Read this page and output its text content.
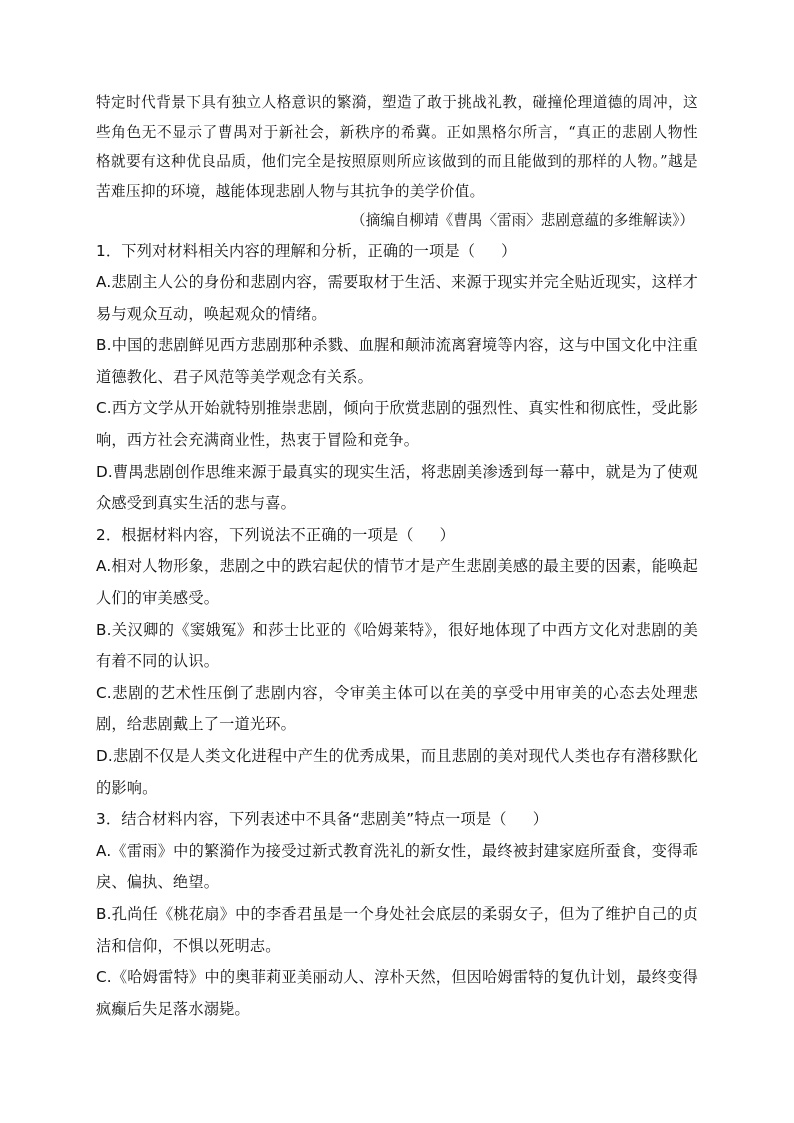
特定时代背景下具有独立人格意识的繁漪，塑造了敢于挑战礼教，碰撞伦理道德的周冲，这些角色无不显示了曹禺对于新社会，新秩序的希冀。正如黑格尔所言，“真正的悲剧人物性格就要有这种优良品质，他们完全是按照原则所应该做到的而且能做到的那样的人物。”越是苦难压抑的环境，越能体现悲剧人物与其抗争的美学价值。

（摘编自柳靖《曹禺〈雷雨〉悲剧意蕴的多维解读》）

1．下列对材料相关内容的理解和分析，正确的一项是（ ）

A.悲剧主人公的身份和悲剧内容，需要取材于生活、来源于现实并完全贴近现实，这样才易与观众互动，唤起观众的情绪。

B.中国的悲剧鲜见西方悲剧那种杀戮、血腥和颠沛流离窘境等内容，这与中国文化中注重道德教化、君子风范等美学观念有关系。

C.西方文学从开始就特别推崇悲剧，倾向于欣赏悲剧的强烈性、真实性和彻底性，受此影响，西方社会充满商业性，热衷于冒险和竞争。

D.曹禺悲剧创作思维来源于最真实的现实生活，将悲剧美渗透到每一幕中，就是为了使观众感受到真实生活的悲与喜。

2．根据材料内容，下列说法不正确的一项是（ ）

A.相对人物形象，悲剧之中的跌宕起伏的情节才是产生悲剧美感的最主要的因素，能唤起人们的审美感受。

B.关汉卿的《窦娥冤》和莎士比亚的《哈姆莱特》，很好地体现了中西方文化对悲剧的美有着不同的认识。

C.悲剧的艺术性压倒了悲剧内容，令审美主体可以在美的享受中用审美的心态去处理悲剧，给悲剧戴上了一道光环。

D.悲剧不仅是人类文化进程中产生的优秀成果，而且悲剧的美对现代人类也存有潜移默化的影响。

3．结合材料内容，下列表述中不具备“悲剧美”特点一项是（ ）

A.《雷雨》中的繁漪作为接受过新式教育洗礼的新女性，最终被封建家庭所蚕食，变得乖戾、偏执、绝望。

B.孔尚任《桃花扇》中的李香君虽是一个身处社会底层的柔弱女子，但为了维护自己的贞洁和信仰，不惧以死明志。

C.《哈姆雷特》中的奥菲莉亚美丽动人、淳朴天然，但因哈姆雷特的复仇计划，最终变得疯癫后失足落水溺毙。
